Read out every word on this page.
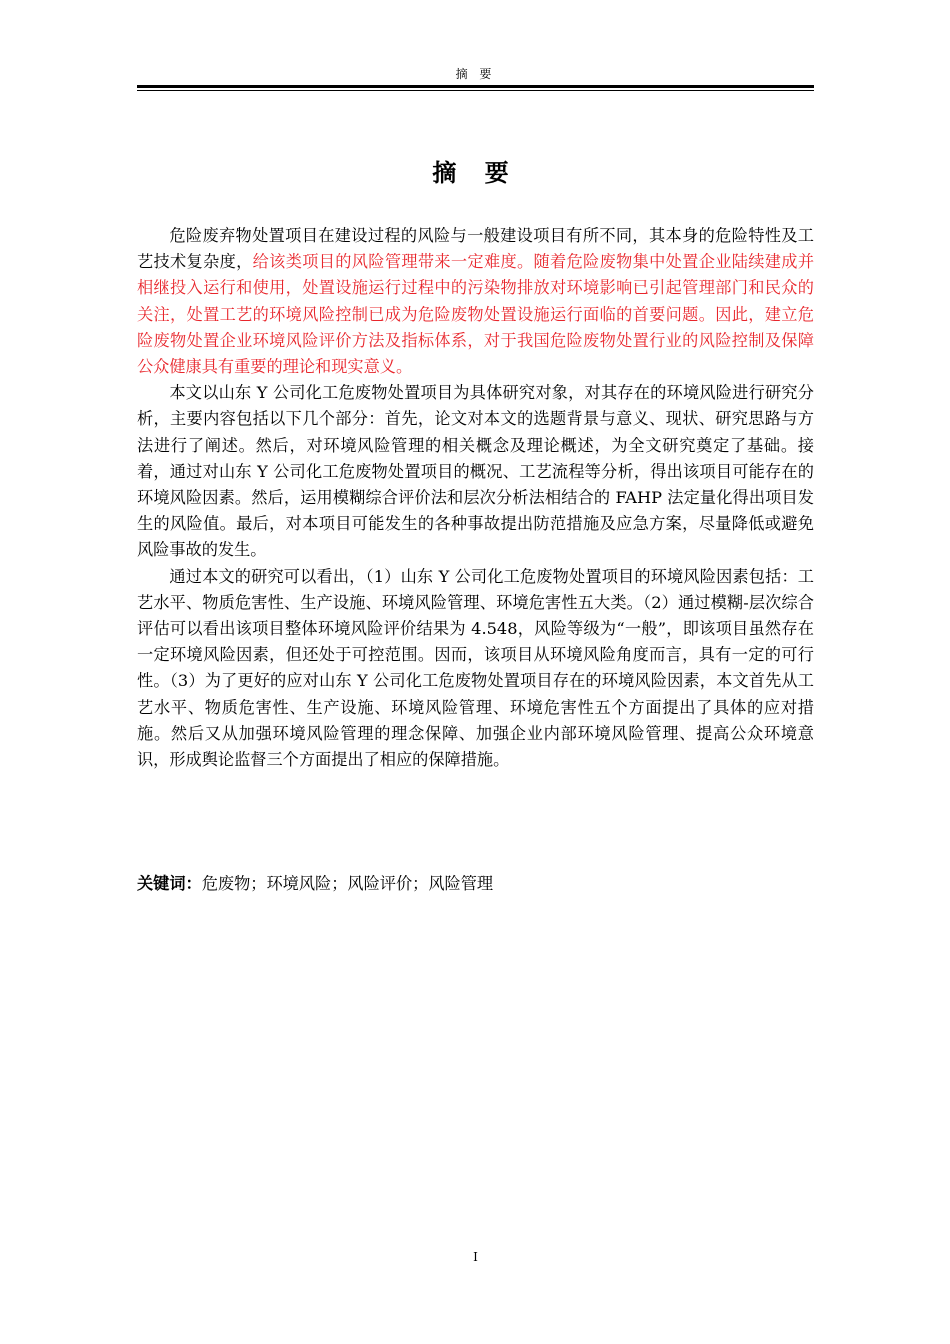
摘 要
摘 要

危险废弃物处置项目在建设过程的风险与一般建设项目有所不同，其本身的危险特性及工艺技术复杂度，给该类项目的风险管理带来一定难度。随着危险废物集中处置企业陆续建成并相继投入运行和使用，处置设施运行过程中的污染物排放对环境影响已引起管理部门和民众的关注，处置工艺的环境风险控制已成为危险废物处置设施运行面临的首要问题。因此，建立危险废物处置企业环境风险评价方法及指标体系，对于我国危险废物处置行业的风险控制及保障公众健康具有重要的理论和现实意义。

本文以山东 Y 公司化工危废物处置项目为具体研究对象，对其存在的环境风险进行研究分析，主要内容包括以下几个部分：首先，论文对本文的选题背景与意义、现状、研究思路与方法进行了阐述。然后，对环境风险管理的相关概念及理论概述，为全文研究奠定了基础。接着，通过对山东 Y 公司化工危废物处置项目的概况、工艺流程等分析，得出该项目可能存在的环境风险因素。然后，运用模糊综合评价法和层次分析法相结合的 FAHP 法定量化得出项目发生的风险值。最后，对本项目可能发生的各种事故提出防范措施及应急方案，尽量降低或避免风险事故的发生。

通过本文的研究可以看出，（1）山东 Y 公司化工危废物处置项目的环境风险因素包括：工艺水平、物质危害性、生产设施、环境风险管理、环境危害性五大类。（2）通过模糊-层次综合评估可以看出该项目整体环境风险评价结果为 4.548，风险等级为“一般”，即该项目虽然存在一定环境风险因素，但还处于可控范围。因而，该项目从环境风险角度而言，具有一定的可行性。（3）为了更好的应对山东 Y 公司化工危废物处置项目存在的环境风险因素，本文首先从工艺水平、物质危害性、生产设施、环境风险管理、环境危害性五个方面提出了具体的应对措施。然后又从加强环境风险管理的理念保障、加强企业内部环境风险管理、提高公众环境意识，形成舆论监督三个方面提出了相应的保障措施。

关键词：危废物；环境风险；风险评价；风险管理
I
